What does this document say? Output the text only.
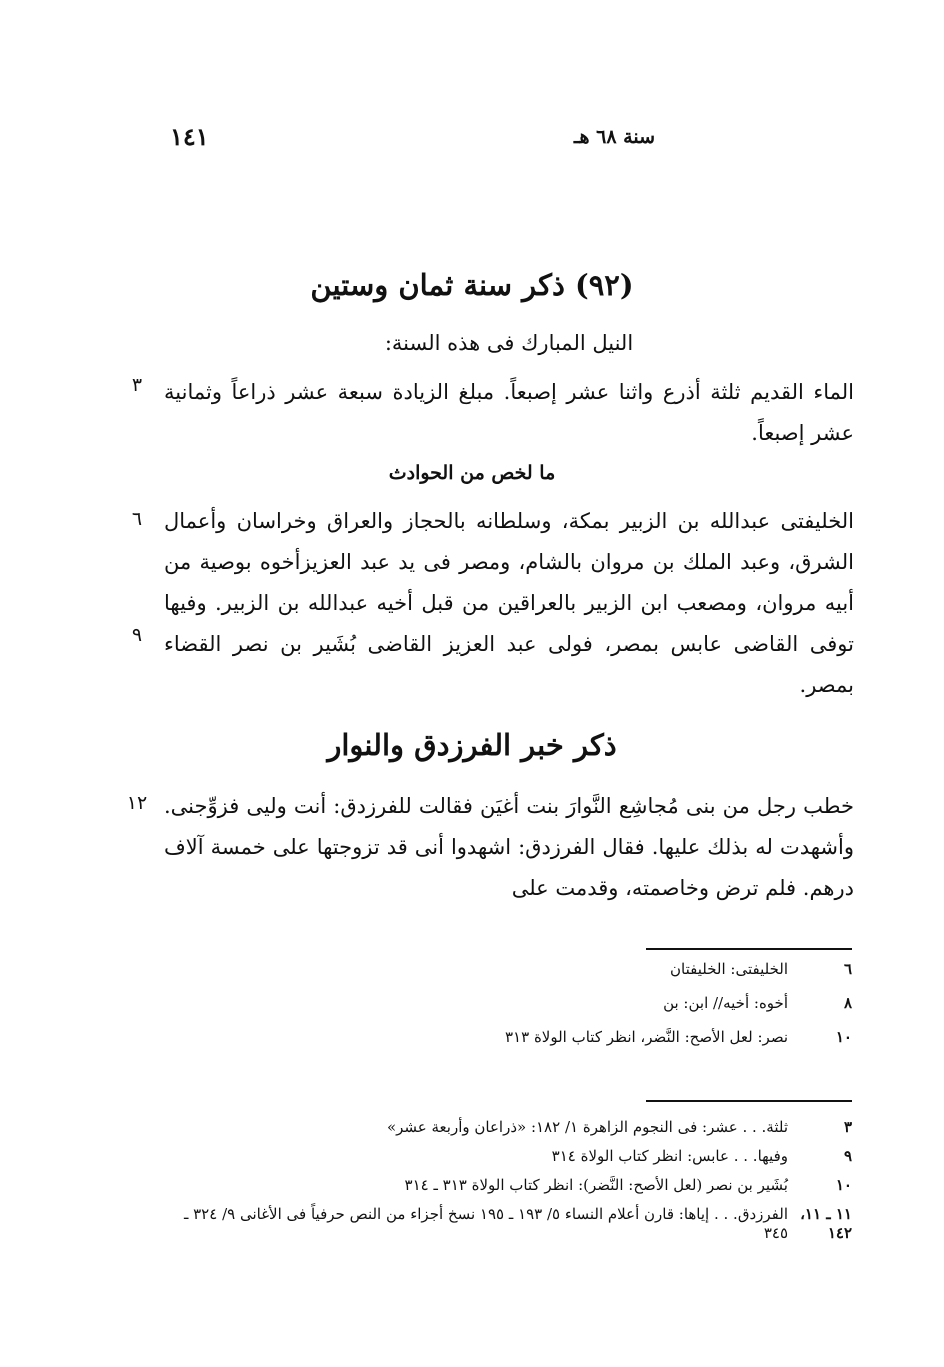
سنة ٦٨ هـ
١٤١
(٩٢) ذكر سنة ثمان وستين
النيل المبارك فى هذه السنة:

الماء القديم ثلثة أذرع واثنا عشر إصبعاً. مبلغ الزيادة سبعة عشر ذراعاً وثمانية عشر إصبعاً.

ما لخص من الحوادث

الخليفتى عبدالله بن الزبير بمكة، وسلطانه بالحجاز والعراق وخراسان وأعمال الشرق، وعبد الملك بن مروان بالشام، ومصر فى يد عبد العزيزأخوه بوصية من أبيه مروان، ومصعب ابن الزبير بالعراقين من قبل أخيه عبدالله بن الزبير. وفيها توفى القاضى عابس بمصر، فولى عبد العزيز القاضى بُشَير بن نصر القضاء بمصر.

ذكر خبر الفرزدق والنوار

خطب رجل من بنى مُجاشِع النَّوارَ بنت أغيَن فقالت للفرزدق: أنت وليى فزوِّجنى. وأشهدت له بذلك عليها. فقال الفرزدق: اشهدوا أنى قد تزوجتها على خمسة آلاف درهم. فلم ترض وخاصمته، وقدمت على

٣
٦
٩
١٢
٦
الخليفتى: الخليفتان
٨
أخوه: أخيه// ابن: بن
١٠
نصر: لعل الأصح: النَّضر، انظر كتاب الولاة ٣١٣
٣
ثلثة. . . عشر: فى النجوم الزاهرة ١/ ١٨٢: «ذراعان وأربعة عشر»
٩
وفيها. . . عابس: انظر كتاب الولاة ٣١٤
١٠
بُشَير بن نصر (لعل الأصح: النَّضر): انظر كتاب الولاة ٣١٣ ـ ٣١٤
١١ ـ ١١، ١٤٢
الفرزدق. . . إياها: قارن أعلام النساء ٥/ ١٩٣ ـ ١٩٥ نسخ أجزاء من النص حرفياً فى الأغانى ٩/ ٣٢٤ ـ ٣٤٥
